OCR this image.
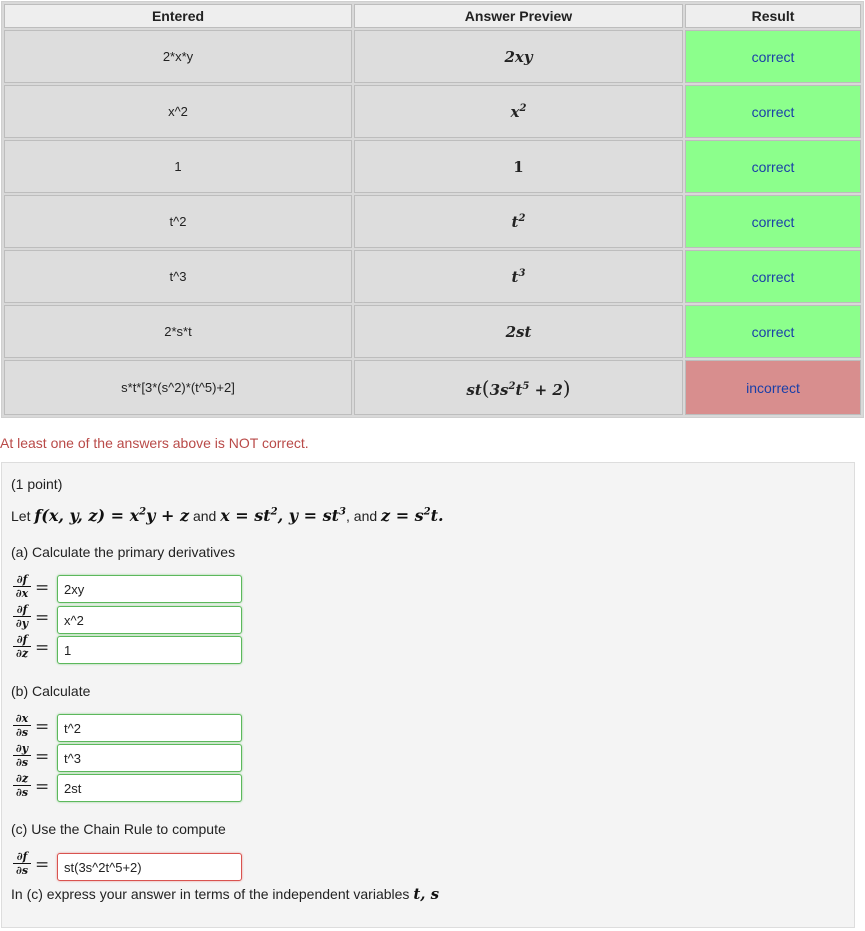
Entered	Answer Preview	Result
2*x*y	2xy	correct
x^2	$x^2$	correct
1	1	correct
t^2	$t^2$	correct
t^3	$t^3$	correct
2*s*t	2st	correct
s*t*[3*(s^2)*(t^5)+2]	$st(3s^2t^5 + 2)$	incorrect
At least one of the answers above is NOT correct.
(1 point)
Let f(x, y, $z) = x^2y + z$ and $x = st^2$, $y = st^3$, and $z = s^2t$.
(a) Calculate the primary derivatives
∂f
∂x =	2xy
∂f
∂y =	x^2
∂f
∂z =	1
(b) Calculate
∂x
∂s =	t^2
∂y
∂s =	t^3
∂z
∂s =	2st
(c) Use the Chain Rule to compute
∂f
∂s =	st(3s^2t^5+2)
In (c) express your answer in terms of the independent variables t, s
